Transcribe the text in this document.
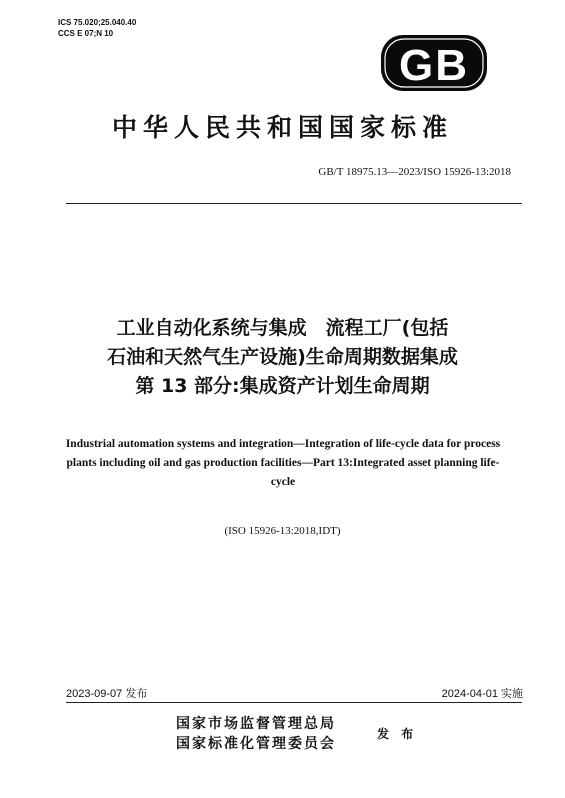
ICS 75.020;25.040.40
CCS E 07;N 10
GB
中华人民共和国国家标准
GB/T 18975.13—2023/ISO 15926-13:2018
工业自动化系统与集成　流程工厂(包括
石油和天然气生产设施)生命周期数据集成
第 13 部分:集成资产计划生命周期
Industrial automation systems and integration—Integration of life-cycle data for process plants including oil and gas production facilities—Part 13:Integrated asset planning life-cycle
(ISO 15926-13:2018,IDT)
2023-09-07 发布	2024-04-01 实施
国家市场监督管理总局
国家标准化管理委员会
发 布
